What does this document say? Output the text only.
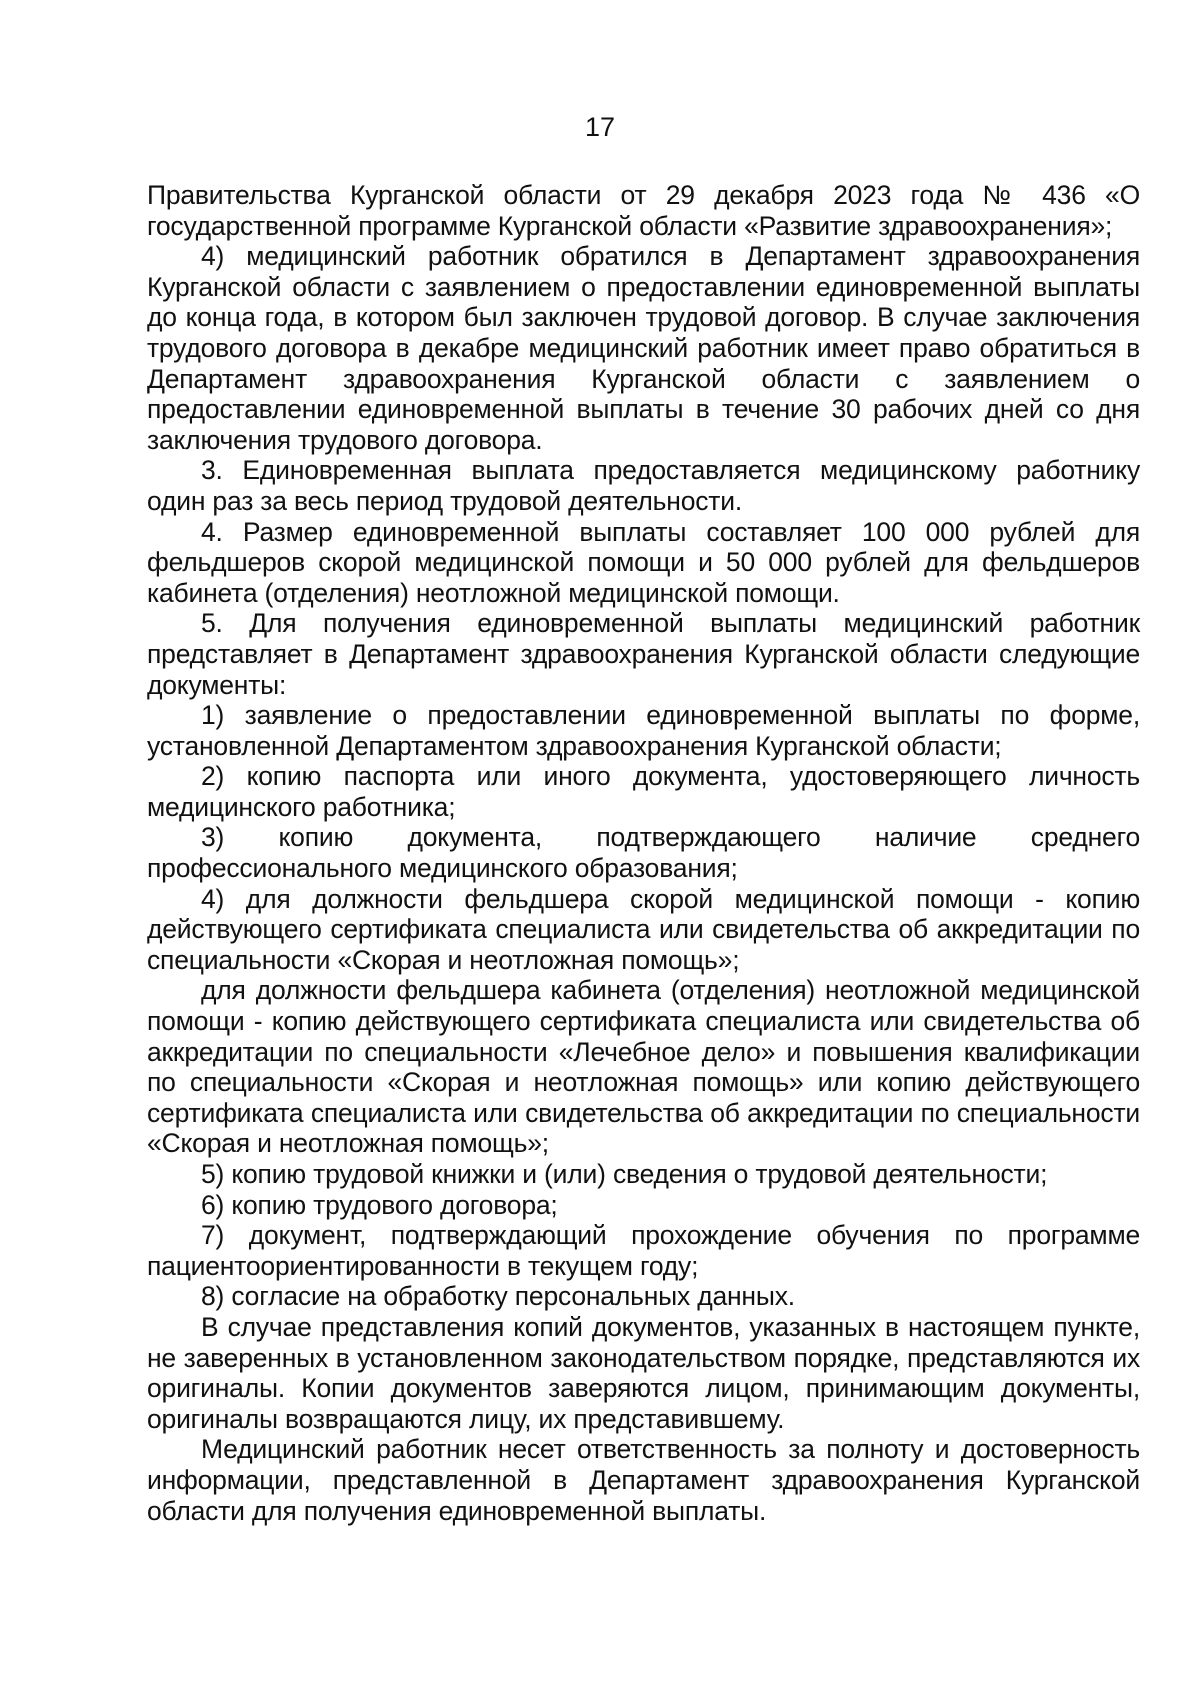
17

Правительства Курганской области от 29 декабря 2023 года № 436 «О государственной программе Курганской области «Развитие здравоохранения»;

4) медицинский работник обратился в Департамент здравоохранения Курганской области с заявлением о предоставлении единовременной выплаты до конца года, в котором был заключен трудовой договор. В случае заключения трудового договора в декабре медицинский работник имеет право обратиться в Департамент здравоохранения Курганской области с заявлением о предоставлении единовременной выплаты в течение 30 рабочих дней со дня заключения трудового договора.

3. Единовременная выплата предоставляется медицинскому работнику один раз за весь период трудовой деятельности.

4. Размер единовременной выплаты составляет 100 000 рублей для фельдшеров скорой медицинской помощи и 50 000 рублей для фельдшеров кабинета (отделения) неотложной медицинской помощи.

5. Для получения единовременной выплаты медицинский работник представляет в Департамент здравоохранения Курганской области следующие документы:

1) заявление о предоставлении единовременной выплаты по форме, установленной Департаментом здравоохранения Курганской области;

2) копию паспорта или иного документа, удостоверяющего личность медицинского работника;

3) копию документа, подтверждающего наличие среднего профессионального медицинского образования;

4) для должности фельдшера скорой медицинской помощи - копию действующего сертификата специалиста или свидетельства об аккредитации по специальности «Скорая и неотложная помощь»;

для должности фельдшера кабинета (отделения) неотложной медицинской помощи - копию действующего сертификата специалиста или свидетельства об аккредитации по специальности «Лечебное дело» и повышения квалификации по специальности «Скорая и неотложная помощь» или копию действующего сертификата специалиста или свидетельства об аккредитации по специальности «Скорая и неотложная помощь»;

5) копию трудовой книжки и (или) сведения о трудовой деятельности;

6) копию трудового договора;

7) документ, подтверждающий прохождение обучения по программе пациентоориентированности в текущем году;

8) согласие на обработку персональных данных.

В случае представления копий документов, указанных в настоящем пункте, не заверенных в установленном законодательством порядке, представляются их оригиналы. Копии документов заверяются лицом, принимающим документы, оригиналы возвращаются лицу, их представившему.

Медицинский работник несет ответственность за полноту и достоверность информации, представленной в Департамент здравоохранения Курганской области для получения единовременной выплаты.
